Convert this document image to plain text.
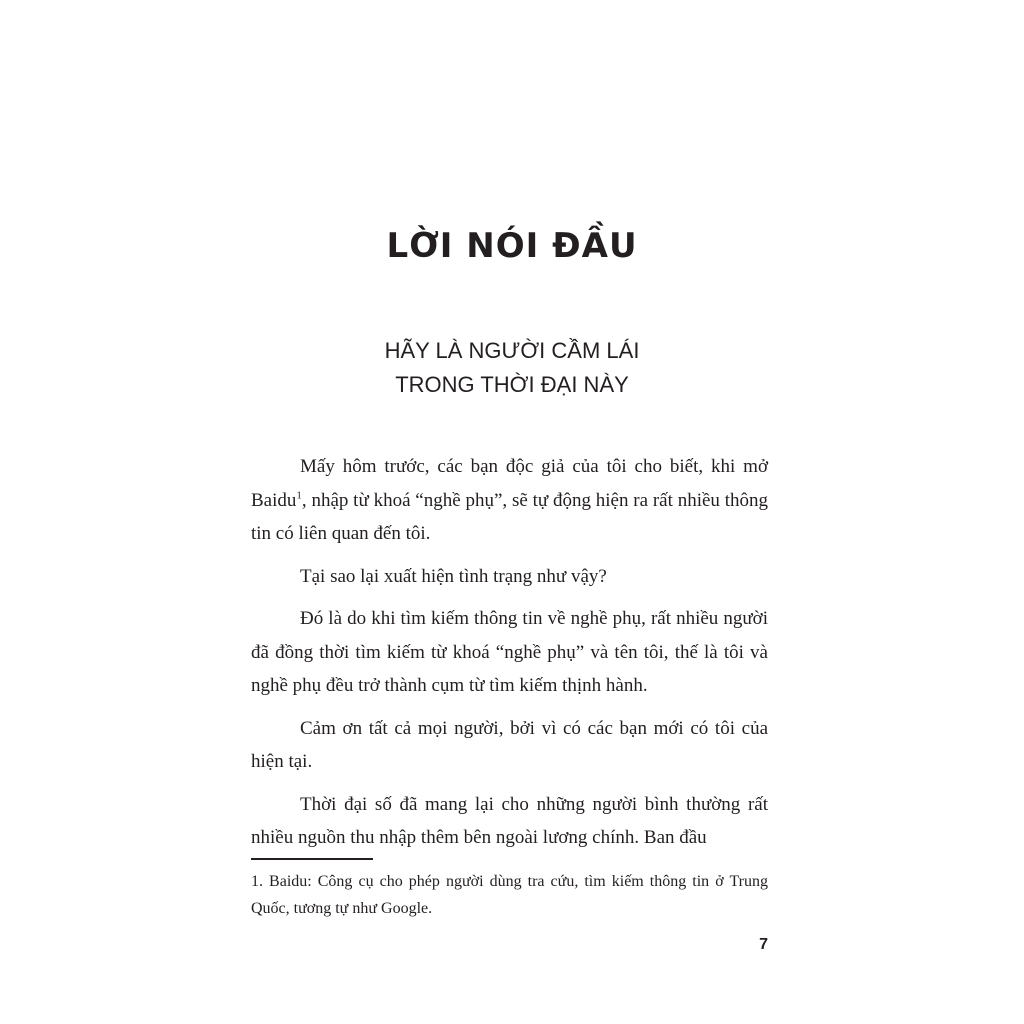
LỜI NÓI ĐẦU
HÃY LÀ NGƯỜI CẦM LÁI
TRONG THỜI ĐẠI NÀY

Mấy hôm trước, các bạn độc giả của tôi cho biết, khi mở Baidu$^1$, nhập từ khoá “nghề phụ”, sẽ tự động hiện ra rất nhiều thông tin có liên quan đến tôi.

Tại sao lại xuất hiện tình trạng như vậy?

Đó là do khi tìm kiếm thông tin về nghề phụ, rất nhiều người đã đồng thời tìm kiếm từ khoá “nghề phụ” và tên tôi, thế là tôi và nghề phụ đều trở thành cụm từ tìm kiếm thịnh hành.

Cảm ơn tất cả mọi người, bởi vì có các bạn mới có tôi của hiện tại.

Thời đại số đã mang lại cho những người bình thường rất nhiều nguồn thu nhập thêm bên ngoài lương chính. Ban đầu

1. Baidu: Công cụ cho phép người dùng tra cứu, tìm kiếm thông tin ở Trung Quốc, tương tự như Google.
7
